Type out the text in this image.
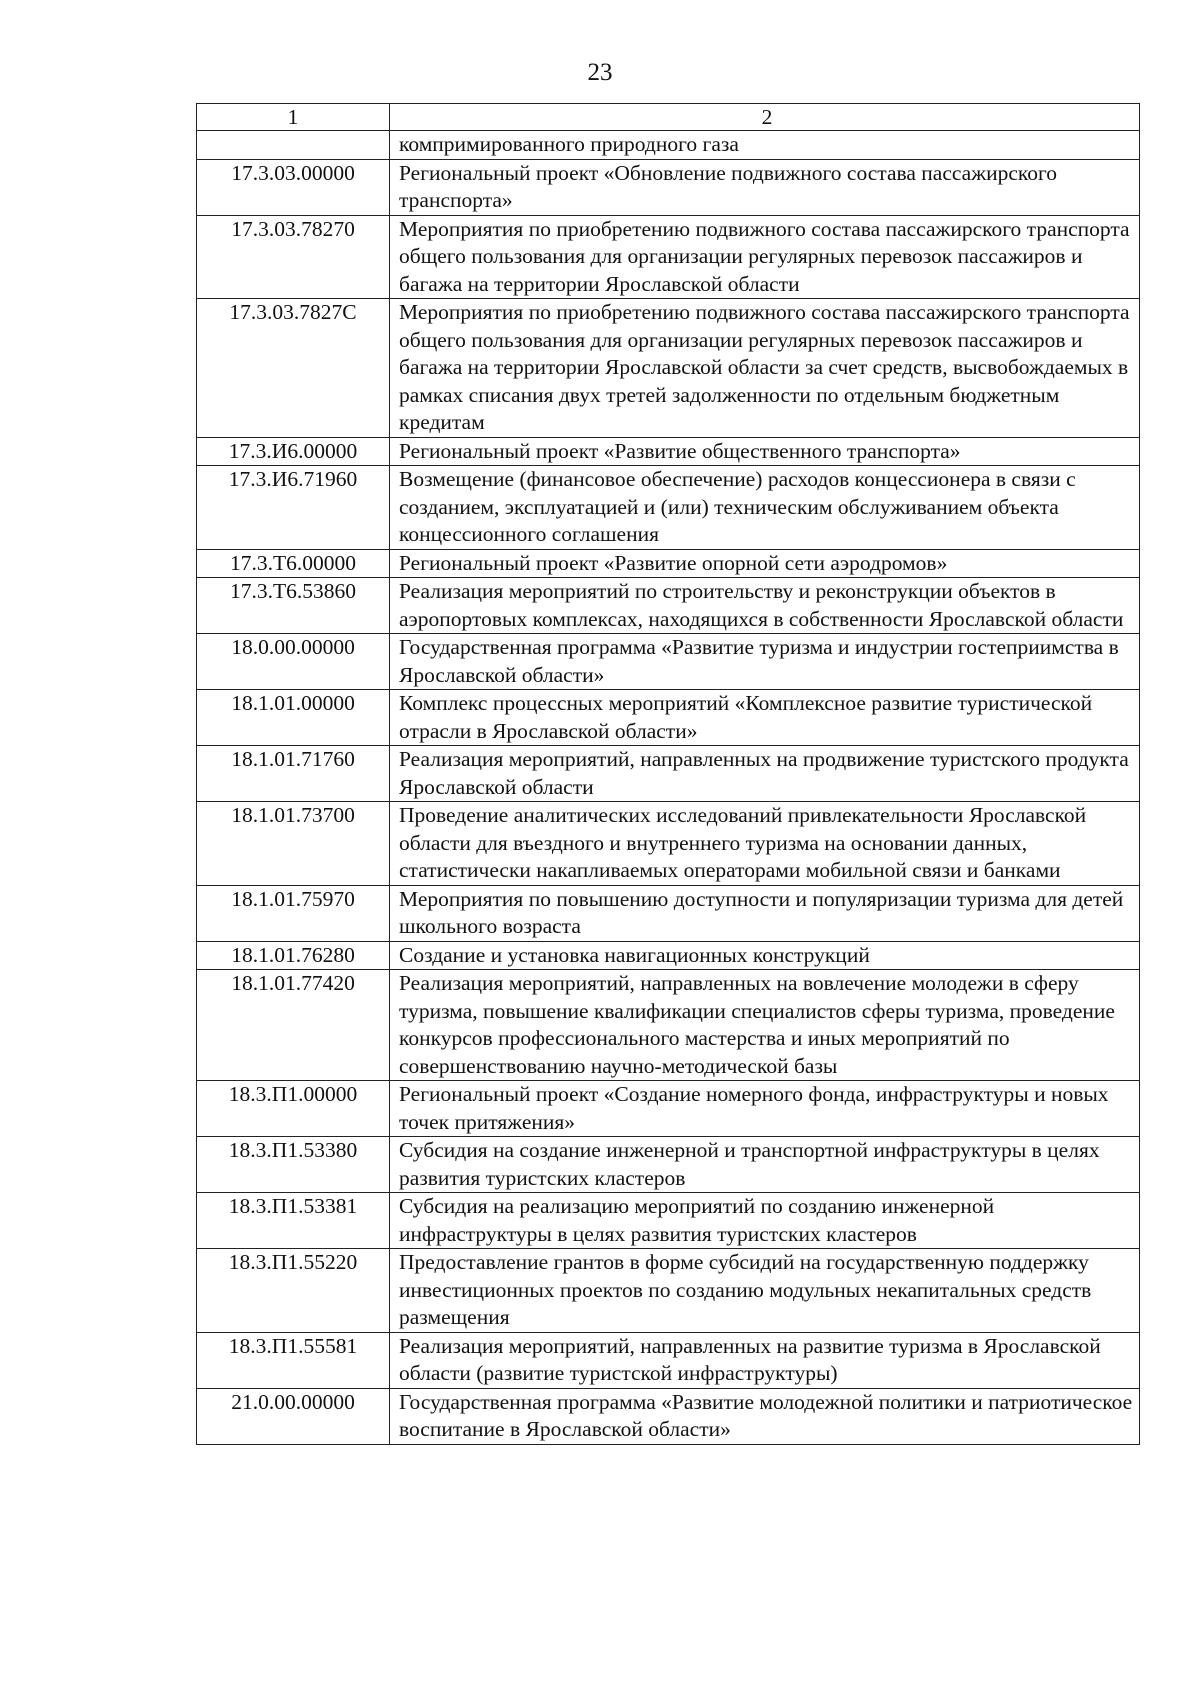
23
1	2
	компримированного природного газа
17.3.03.00000	Региональный проект «Обновление подвижного состава пассажирского транспорта»
17.3.03.78270	Мероприятия по приобретению подвижного состава пассажирского транспорта общего пользования для организации регулярных перевозок пассажиров и багажа на территории Ярославской области
17.3.03.7827С	Мероприятия по приобретению подвижного состава пассажирского транспорта общего пользования для организации регулярных перевозок пассажиров и багажа на территории Ярославской области за счет средств, высвобождаемых в рамках списания двух третей задолженности по отдельным бюджетным кредитам
17.3.И6.00000	Региональный проект «Развитие общественного транспорта»
17.3.И6.71960	Возмещение (финансовое обеспечение) расходов концессионера в связи с созданием, эксплуатацией и (или) техническим обслуживанием объекта концессионного соглашения
17.3.Т6.00000	Региональный проект «Развитие опорной сети аэродромов»
17.3.Т6.53860	Реализация мероприятий по строительству и реконструкции объектов в аэропортовых комплексах, находящихся в собственности Ярославской области
18.0.00.00000	Государственная программа «Развитие туризма и индустрии гостеприимства в Ярославской области»
18.1.01.00000	Комплекс процессных мероприятий «Комплексное развитие туристической отрасли в Ярославской области»
18.1.01.71760	Реализация мероприятий, направленных на продвижение туристского продукта Ярославской области
18.1.01.73700	Проведение аналитических исследований привлекательности Ярославской области для въездного и внутреннего туризма на основании данных, статистически накапливаемых операторами мобильной связи и банками
18.1.01.75970	Мероприятия по повышению доступности и популяризации туризма для детей школьного возраста
18.1.01.76280	Создание и установка навигационных конструкций
18.1.01.77420	Реализация мероприятий, направленных на вовлечение молодежи в сферу туризма, повышение квалификации специалистов сферы туризма, проведение конкурсов профессионального мастерства и иных мероприятий по совершенствованию научно-методической базы
18.3.П1.00000	Региональный проект «Создание номерного фонда, инфраструктуры и новых точек притяжения»
18.3.П1.53380	Субсидия на создание инженерной и транспортной инфраструктуры в целях развития туристских кластеров
18.3.П1.53381	Субсидия на реализацию мероприятий по созданию инженерной инфраструктуры в целях развития туристских кластеров
18.3.П1.55220	Предоставление грантов в форме субсидий на государственную поддержку инвестиционных проектов по созданию модульных некапитальных средств размещения
18.3.П1.55581	Реализация мероприятий, направленных на развитие туризма в Ярославской области (развитие туристской инфраструктуры)
21.0.00.00000	Государственная программа «Развитие молодежной политики и патриотическое воспитание в Ярославской области»
